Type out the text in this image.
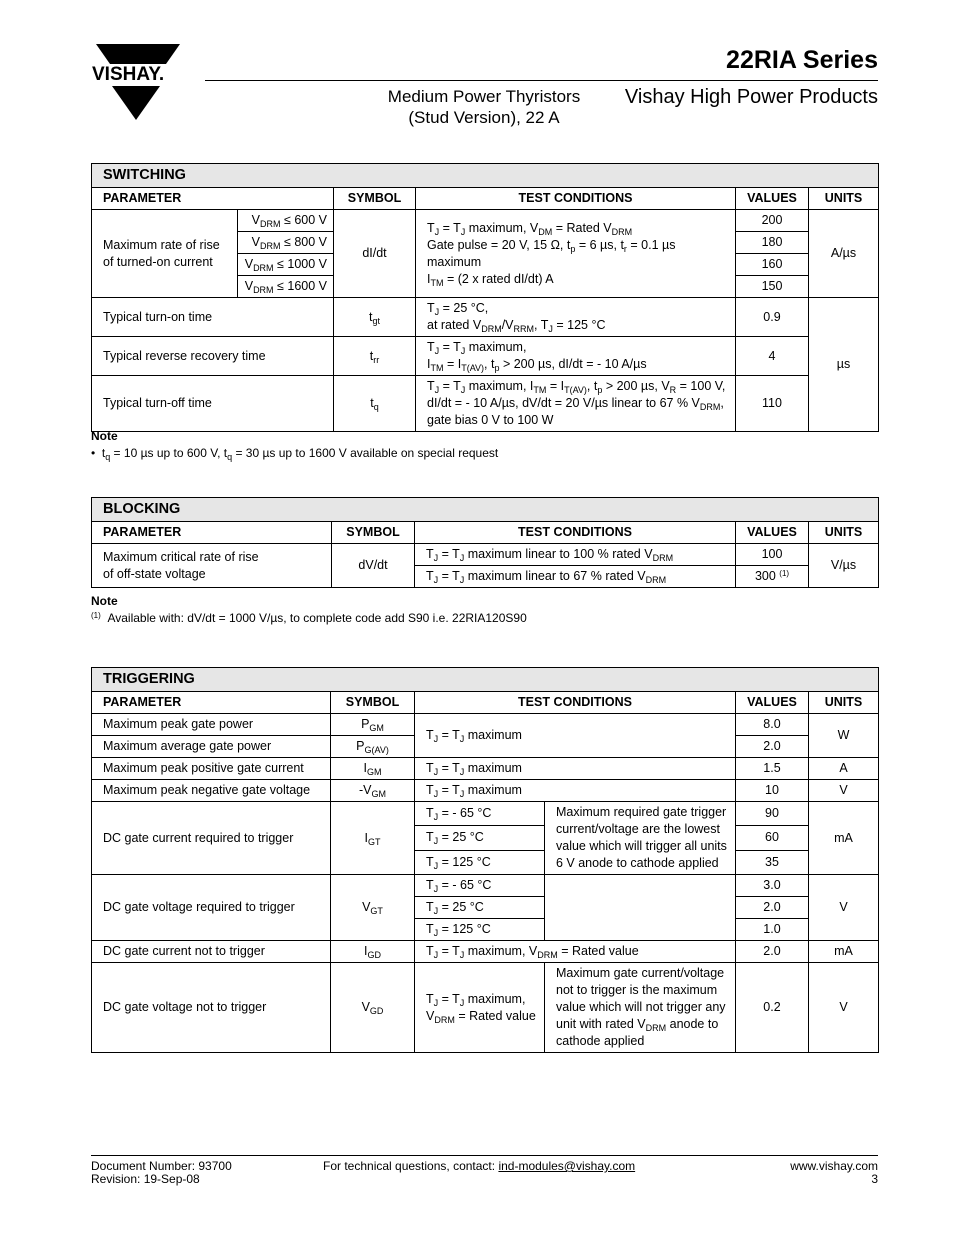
VISHAY.
22RIA Series
Medium Power Thyristors
(Stud Version), 22 A
Vishay High Power Products
SWITCHING					
PARAMETER		SYMBOL	TEST CONDITIONS	VALUES	UNITS
Maximum rate of rise
of turned-on current	$V_{DRM} \le 600$ V	dI/dt	$T_J = T_J$ maximum, $V_{DM}$ = Rated $V_{DRM}$
Gate pulse = 20 V, 15 Ω, $t_p = 6$ µs, $t_r = 0.1$ µs maximum
$I_{TM} = (2$ x rated dI/dt) A	200	A/µs
	$V_{DRM} \le 800$ V			180	
	$V_{DRM} \le 1000$ V			160	
	$V_{DRM} \le 1600$ V			150	
Typical turn-on time		$t_{gt}$	$T_J = 25$ °C,
at rated $V_{DRM}/V_{RRM}$, $T_J = 125$ °C	0.9	µs
Typical reverse recovery time		$t_{rr}$	$T_J = T_J$ maximum,
$I_{TM} = I_{T(AV)}$, $t_p > 200$ µs, dI/dt = - 10 A/µs	4	
Typical turn-off time		$t_q$	$T_J = T_J$ maximum, $I_{TM} = I_{T(AV)}$, $t_p > 200$ µs, $V_R = 100$ V,
dI/dt = - 10 A/µs, dV/dt = 20 V/µs linear to 67 % $V_{DRM}$,
gate bias 0 V to 100 W	110	
Note
•  $t_q = 10$ µs up to 600 V, $t_q = 30$ µs up to 1600 V available on special request
BLOCKING				
PARAMETER	SYMBOL	TEST CONDITIONS	VALUES	UNITS
Maximum critical rate of rise
of off-state voltage	dV/dt	$T_J = T_J$ maximum linear to 100 % rated $V_{DRM}$	100	V/µs
		$T_J = T_J$ maximum linear to 67 % rated $V_{DRM}$	300 $^{(1)}$
Note
$^{(1)}$ Available with: dV/dt = 1000 V/µs, to complete code add S90 i.e. 22RIA120S90
TRIGGERING					
PARAMETER	SYMBOL	TEST CONDITIONS		VALUES	UNITS
Maximum peak gate power	$P_{GM}$	$T_J = T_J$ maximum		8.0	W
Maximum average gate power	$P_{G(AV)}$			2.0	
Maximum peak positive gate current	$I_{GM}$	$T_J = T_J$ maximum		1.5	A
Maximum peak negative gate voltage	$-V_{GM}$	$T_J = T_J$ maximum		10	V
DC gate current required to trigger	$I_{GT}$	$T_J$ = - 65 °C	Maximum required gate trigger current/voltage are the lowest value which will trigger all units 6 V anode to cathode applied	90	mA
		$T_J = 25$ °C		60	
		$T_J = 125$ °C		35	
DC gate voltage required to trigger	$V_{GT}$	$T_J$ = - 65 °C		3.0	V
		$T_J = 25$ °C		2.0	
		$T_J = 125$ °C		1.0	
DC gate current not to trigger	$I_{GD}$	$T_J = T_J$ maximum, $V_{DRM}$ = Rated value		2.0	mA
DC gate voltage not to trigger	$V_{GD}$	$T_J = T_J$ maximum,
$V_{DRM}$ = Rated value	Maximum gate current/voltage not to trigger is the maximum value which will not trigger any unit with rated $V_{DRM}$ anode to cathode applied	0.2	V
Document Number: 93700
Revision: 19-Sep-08
For technical questions, contact: ind-modules@vishay.com	www.vishay.com
3
